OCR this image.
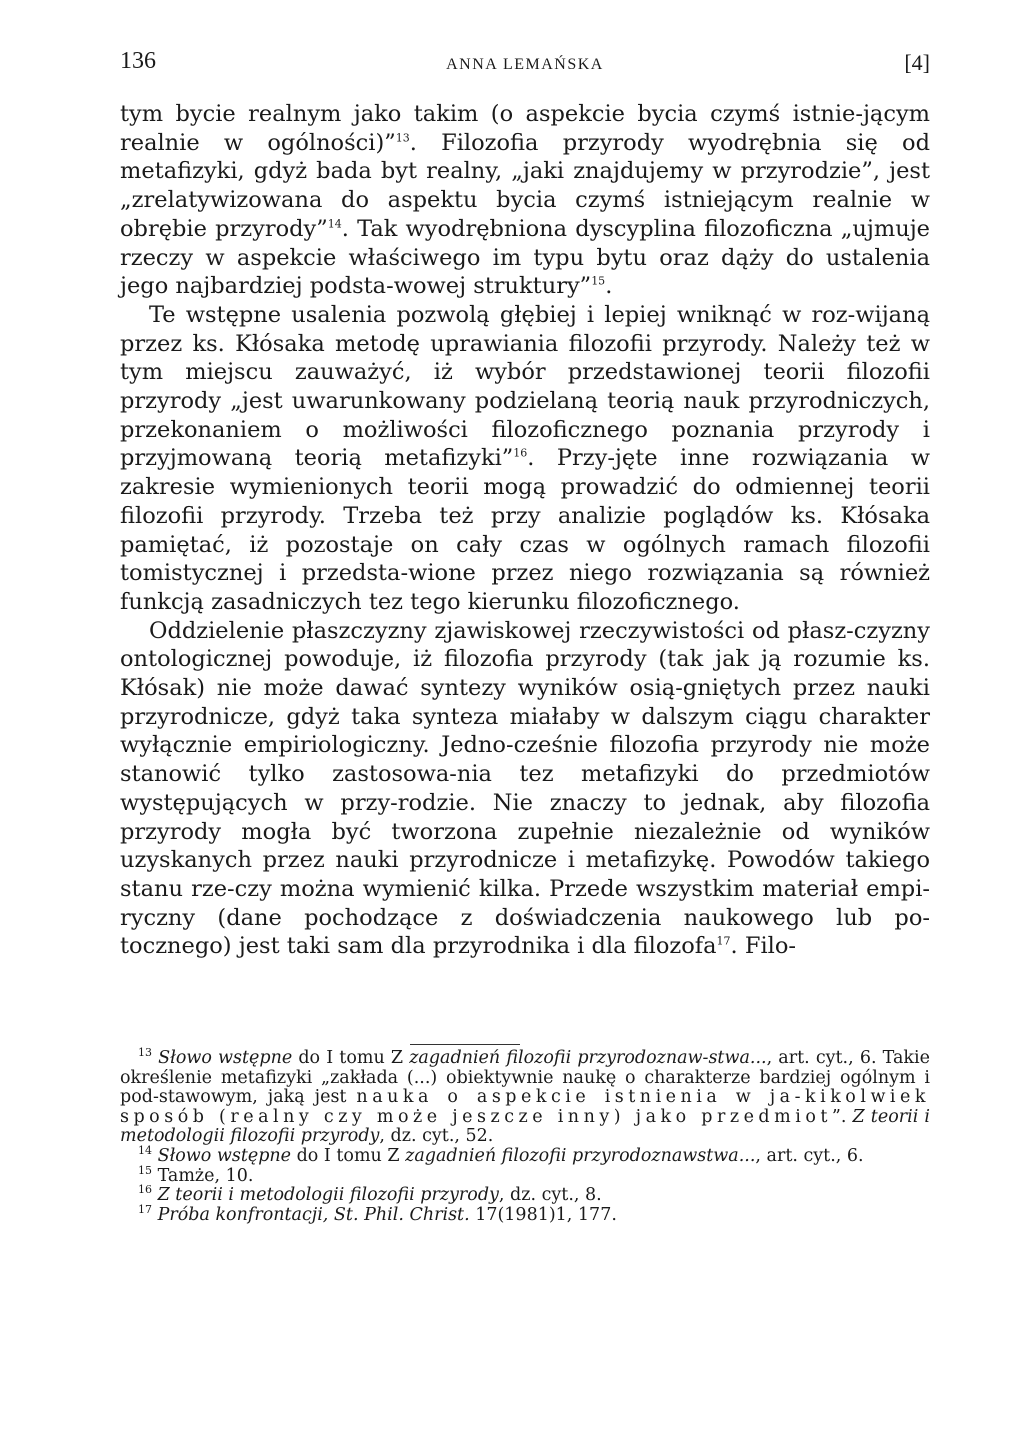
136	ANNA LEMAŃSKA	[4]

tym bycie realnym jako takim (o aspekcie bycia czymś istnie-jącym realnie w ogólności)”$^{13}$. Filozofia przyrody wyodrębnia się od metafizyki, gdyż bada byt realny, „jaki znajdujemy w przyrodzie”, jest „zrelatywizowana do aspektu bycia czymś istniejącym realnie w obrębie przyrody”$^{14}$. Tak wyodrębniona dyscyplina filozoficzna „ujmuje rzeczy w aspekcie właściwego im typu bytu oraz dąży do ustalenia jego najbardziej podsta-wowej struktury”$^{15}$.

Te wstępne usalenia pozwolą głębiej i lepiej wniknąć w roz-wijaną przez ks. Kłósaka metodę uprawiania filozofii przyrody. Należy też w tym miejscu zauważyć, iż wybór przedstawionej teorii filozofii przyrody „jest uwarunkowany podzielaną teorią nauk przyrodniczych, przekonaniem o możliwości filozoficznego poznania przyrody i przyjmowaną teorią metafizyki”$^{16}$. Przy-jęte inne rozwiązania w zakresie wymienionych teorii mogą prowadzić do odmiennej teorii filozofii przyrody. Trzeba też przy analizie poglądów ks. Kłósaka pamiętać, iż pozostaje on cały czas w ogólnych ramach filozofii tomistycznej i przedsta-wione przez niego rozwiązania są również funkcją zasadniczych tez tego kierunku filozoficznego.

Oddzielenie płaszczyzny zjawiskowej rzeczywistości od płasz-czyzny ontologicznej powoduje, iż filozofia przyrody (tak jak ją rozumie ks. Kłósak) nie może dawać syntezy wyników osią-gniętych przez nauki przyrodnicze, gdyż taka synteza miałaby w dalszym ciągu charakter wyłącznie empiriologiczny. Jedno-cześnie filozofia przyrody nie może stanowić tylko zastosowa-nia tez metafizyki do przedmiotów występujących w przy-rodzie. Nie znaczy to jednak, aby filozofia przyrody mogła być tworzona zupełnie niezależnie od wyników uzyskanych przez nauki przyrodnicze i metafizykę. Powodów takiego stanu rze-czy można wymienić kilka. Przede wszystkim materiał empi-ryczny (dane pochodzące z doświadczenia naukowego lub po-tocznego) jest taki sam dla przyrodnika i dla filozofa$^{17}$. Filo-

$^{13}$ Słowo wstępne do I tomu Z zagadnień filozofii przyrodoznaw-stwa..., art. cyt., 6. Takie określenie metafizyki „zakłada (...) obiektywnie naukę o charakterze bardziej ogólnym i pod-stawowym, jaką jest nauka o aspekcie istnienia w ja-kikolwiek sposób (realny czy może jeszcze inny) jako przedmiot”. Z teorii i metodologii filozofii przyrody, dz. cyt., 52.

$^{14}$ Słowo wstępne do I tomu Z zagadnień filozofii przyrodoznawstwa..., art. cyt., 6.

$^{15}$ Tamże, 10.

$^{16}$ Z teorii i metodologii filozofii przyrody, dz. cyt., 8.

$^{17}$ Próba konfrontacji, St. Phil. Christ. 17(1981)1, 177.
